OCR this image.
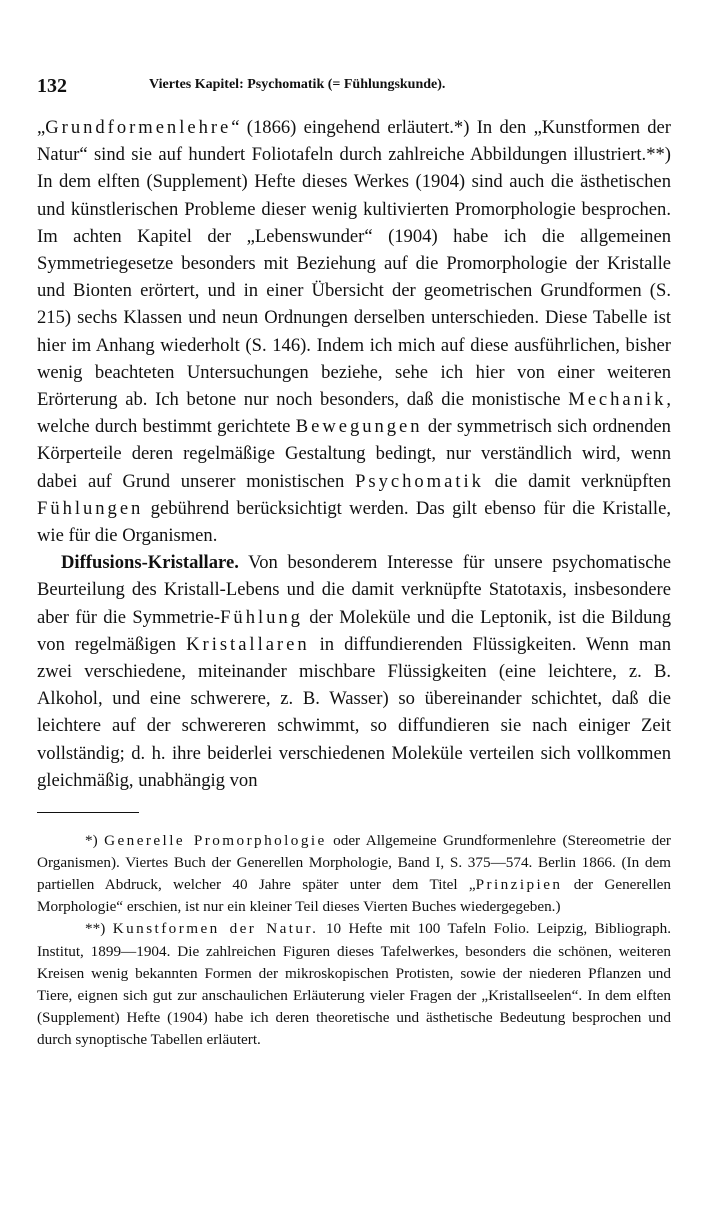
132	Viertes Kapitel: Psychomatik (= Fühlungskunde).

„Grundformenlehre“ (1866) eingehend erläutert.*) In den „Kunstformen der Natur“ sind sie auf hundert Foliotafeln durch zahlreiche Abbildungen illustriert.**) In dem elften (Supplement) Hefte dieses Werkes (1904) sind auch die ästhetischen und künstlerischen Probleme dieser wenig kultivierten Promorphologie besprochen. Im achten Kapitel der „Lebenswunder“ (1904) habe ich die allgemeinen Symmetriegesetze besonders mit Beziehung auf die Promorphologie der Kristalle und Bionten erörtert, und in einer Übersicht der geometrischen Grundformen (S. 215) sechs Klassen und neun Ordnungen derselben unterschieden. Diese Tabelle ist hier im Anhang wiederholt (S. 146). Indem ich mich auf diese ausführlichen, bisher wenig beachteten Untersuchungen beziehe, sehe ich hier von einer weiteren Erörterung ab. Ich betone nur noch besonders, daß die monistische Mechanik, welche durch bestimmt gerichtete Bewegungen der symmetrisch sich ordnenden Körperteile deren regelmäßige Gestaltung bedingt, nur verständlich wird, wenn dabei auf Grund unserer monistischen Psychomatik die damit verknüpften Fühlungen gebührend berücksichtigt werden. Das gilt ebenso für die Kristalle, wie für die Organismen.

Diffusions-Kristallare. Von besonderem Interesse für unsere psychomatische Beurteilung des Kristall-Lebens und die damit verknüpfte Statotaxis, insbesondere aber für die Symmetrie-Fühlung der Moleküle und die Leptonik, ist die Bildung von regelmäßigen Kristallaren in diffundierenden Flüssigkeiten. Wenn man zwei verschiedene, miteinander mischbare Flüssigkeiten (eine leichtere, z. B. Alkohol, und eine schwerere, z. B. Wasser) so übereinander schichtet, daß die leichtere auf der schwereren schwimmt, so diffundieren sie nach einiger Zeit vollständig; d. h. ihre beiderlei verschiedenen Moleküle verteilen sich vollkommen gleichmäßig, unabhängig von

*) Generelle Promorphologie oder Allgemeine Grundformenlehre (Stereometrie der Organismen). Viertes Buch der Generellen Morphologie, Band I, S. 375—574. Berlin 1866. (In dem partiellen Abdruck, welcher 40 Jahre später unter dem Titel „Prinzipien der Generellen Morphologie“ erschien, ist nur ein kleiner Teil dieses Vierten Buches wiedergegeben.)

**) Kunstformen der Natur. 10 Hefte mit 100 Tafeln Folio. Leipzig, Bibliograph. Institut, 1899—1904. Die zahlreichen Figuren dieses Tafelwerkes, besonders die schönen, weiteren Kreisen wenig bekannten Formen der mikroskopischen Protisten, sowie der niederen Pflanzen und Tiere, eignen sich gut zur anschaulichen Erläuterung vieler Fragen der „Kristallseelen“. In dem elften (Supplement) Hefte (1904) habe ich deren theoretische und ästhetische Bedeutung besprochen und durch synoptische Tabellen erläutert.
